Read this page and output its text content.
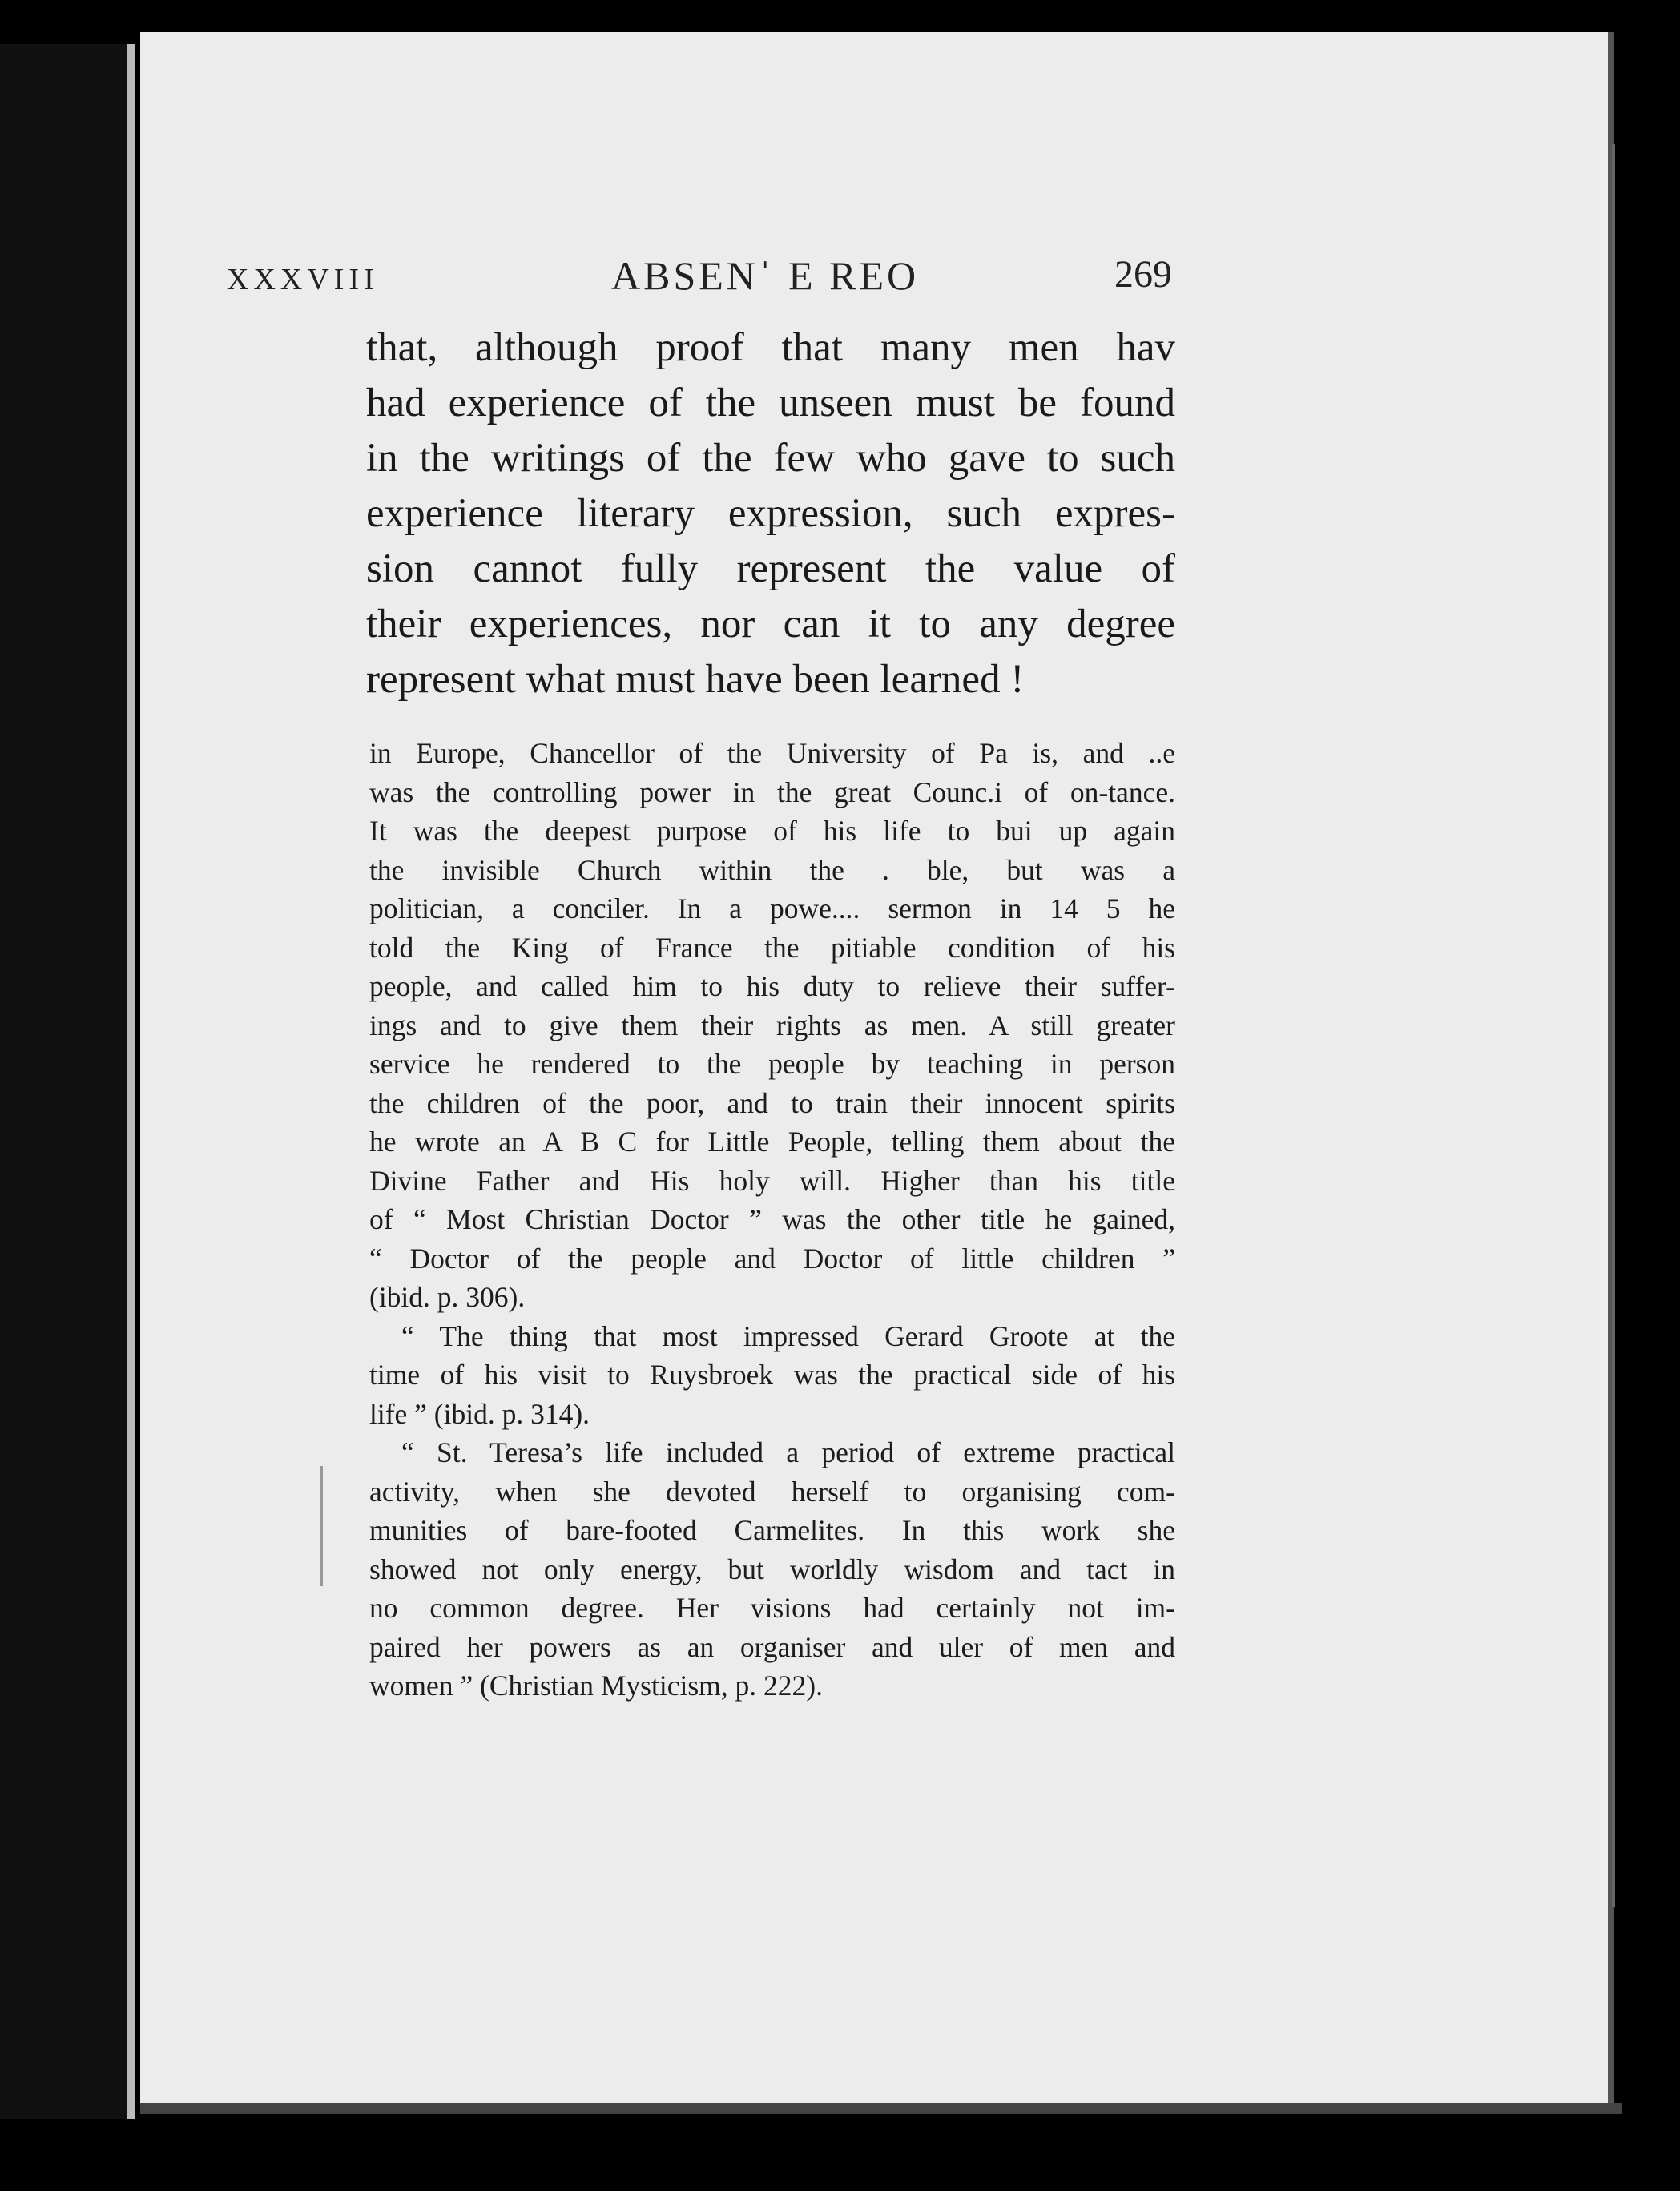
XXXVIII	ABSENˈ E REO	269
that, although proof that many men hav
had experience of the unseen must be found
in the writings of the few who gave to such
experience literary expression, such expres-
sion cannot fully represent the value of
their experiences, nor can it to any degree
represent what must have been learned !
in Europe, Chancellor of the University of Pa is, and ..e
was the controlling power in the great Counc.i of on-tance.
It was the deepest purpose of his life to bui up again
the invisible Church within the . ble, but was a
politician, a conciler. In a powe.... sermon in 14 5 he
told the King of France the pitiable condition of his
people, and called him to his duty to relieve their suffer-
ings and to give them their rights as men. A still greater
service he rendered to the people by teaching in person
the children of the poor, and to train their innocent spirits
he wrote an A B C for Little People, telling them about the
Divine Father and His holy will. Higher than his title
of “ Most Christian Doctor ” was the other title he gained,
“ Doctor of the people and Doctor of little children ”
(ibid. p. 306).
“ The thing that most impressed Gerard Groote at the
time of his visit to Ruysbroek was the practical side of his
life ” (ibid. p. 314).
“ St. Teresa’s life included a period of extreme practical
activity, when she devoted herself to organising com-
munities of bare-footed Carmelites. In this work she
showed not only energy, but worldly wisdom and tact in
no common degree. Her visions had certainly not im-
paired her powers as an organiser and uler of men and
women ” (Christian Mysticism, p. 222).
r
{
